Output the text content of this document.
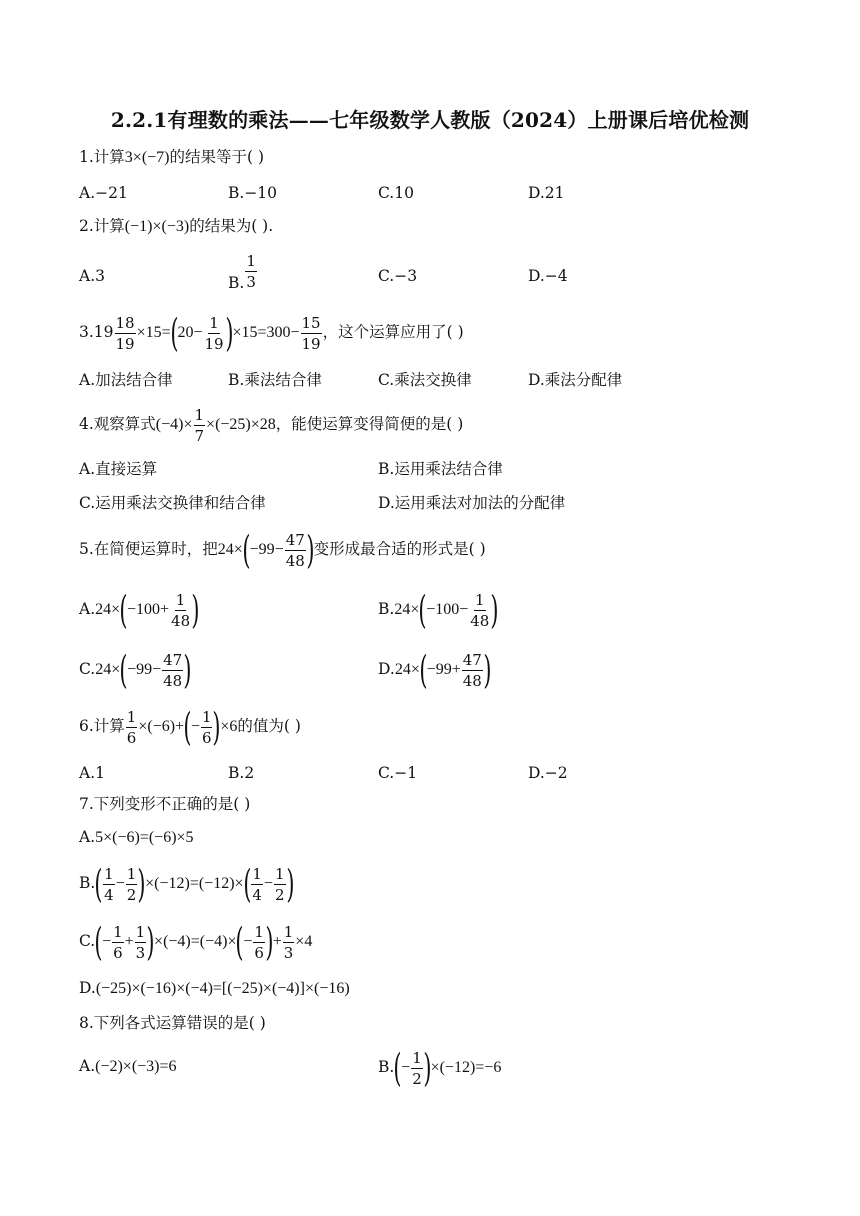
2.2.1有理数的乘法——七年级数学人教版（2024）上册课后培优检测
1.计算3×(−7)的结果等于( )
A.−21	B.−10	C.10	D.21
2.计算(−1)×(−3)的结果为( ).
A.3	B. $\frac{1}{3}$	C.−3	D.−4
$3.19 \frac{18}{19} \times 15=(20- \frac{1}{19} )\times 15=300- \frac{15}{19}$ ，这个运算应用了( )
A.加法结合律	B.乘法结合律	C.乘法交换律	D.乘法分配律
4.观察算式$(-4)\times \frac{1}{7} \times(-25)\times 28$，能使运算变得简便的是( )
A.直接运算	B.运用乘法结合律
C.运用乘法交换律和结合律	D.运用乘法对加法的分配律
5.在简便运算时，把$24\times(-99- \frac{47}{48}$ )变形成最合适的形式是( )
$A.24\times(-100+ \frac{1}{48}$ )	$B.24\times(-100- \frac{1}{48}$ )
$C.24\times(-99- \frac{47}{48}$ )	$D.24\times(-99+ \frac{47}{48}$ )
6.计算 $\frac{1}{6} \times(-6)+(- \frac{1}{6} )\times 6$的值为( )
A.1	B.2	C.−1	D.−2
7.下列变形不正确的是( )
A.5×(−6)=(−6)×5
$B.( \frac{1}{4} - \frac{1}{2} )\times(-12)=(-12)\times( \frac{1}{4} - \frac{1}{2}$ )
$C.(- \frac{1}{6} + \frac{1}{3} )\times(-4)=(-4)\times(- \frac{1}{6}$ )+ $\frac{1}{3} \times 4$
D.(−25)×(−16)×(−4)=[(−25)×(−4)]×(−16)
8.下列各式运算错误的是( )
A.(−2)×(−3)=6	$B.(- \frac{1}{2} )\times(-12)=-6$
